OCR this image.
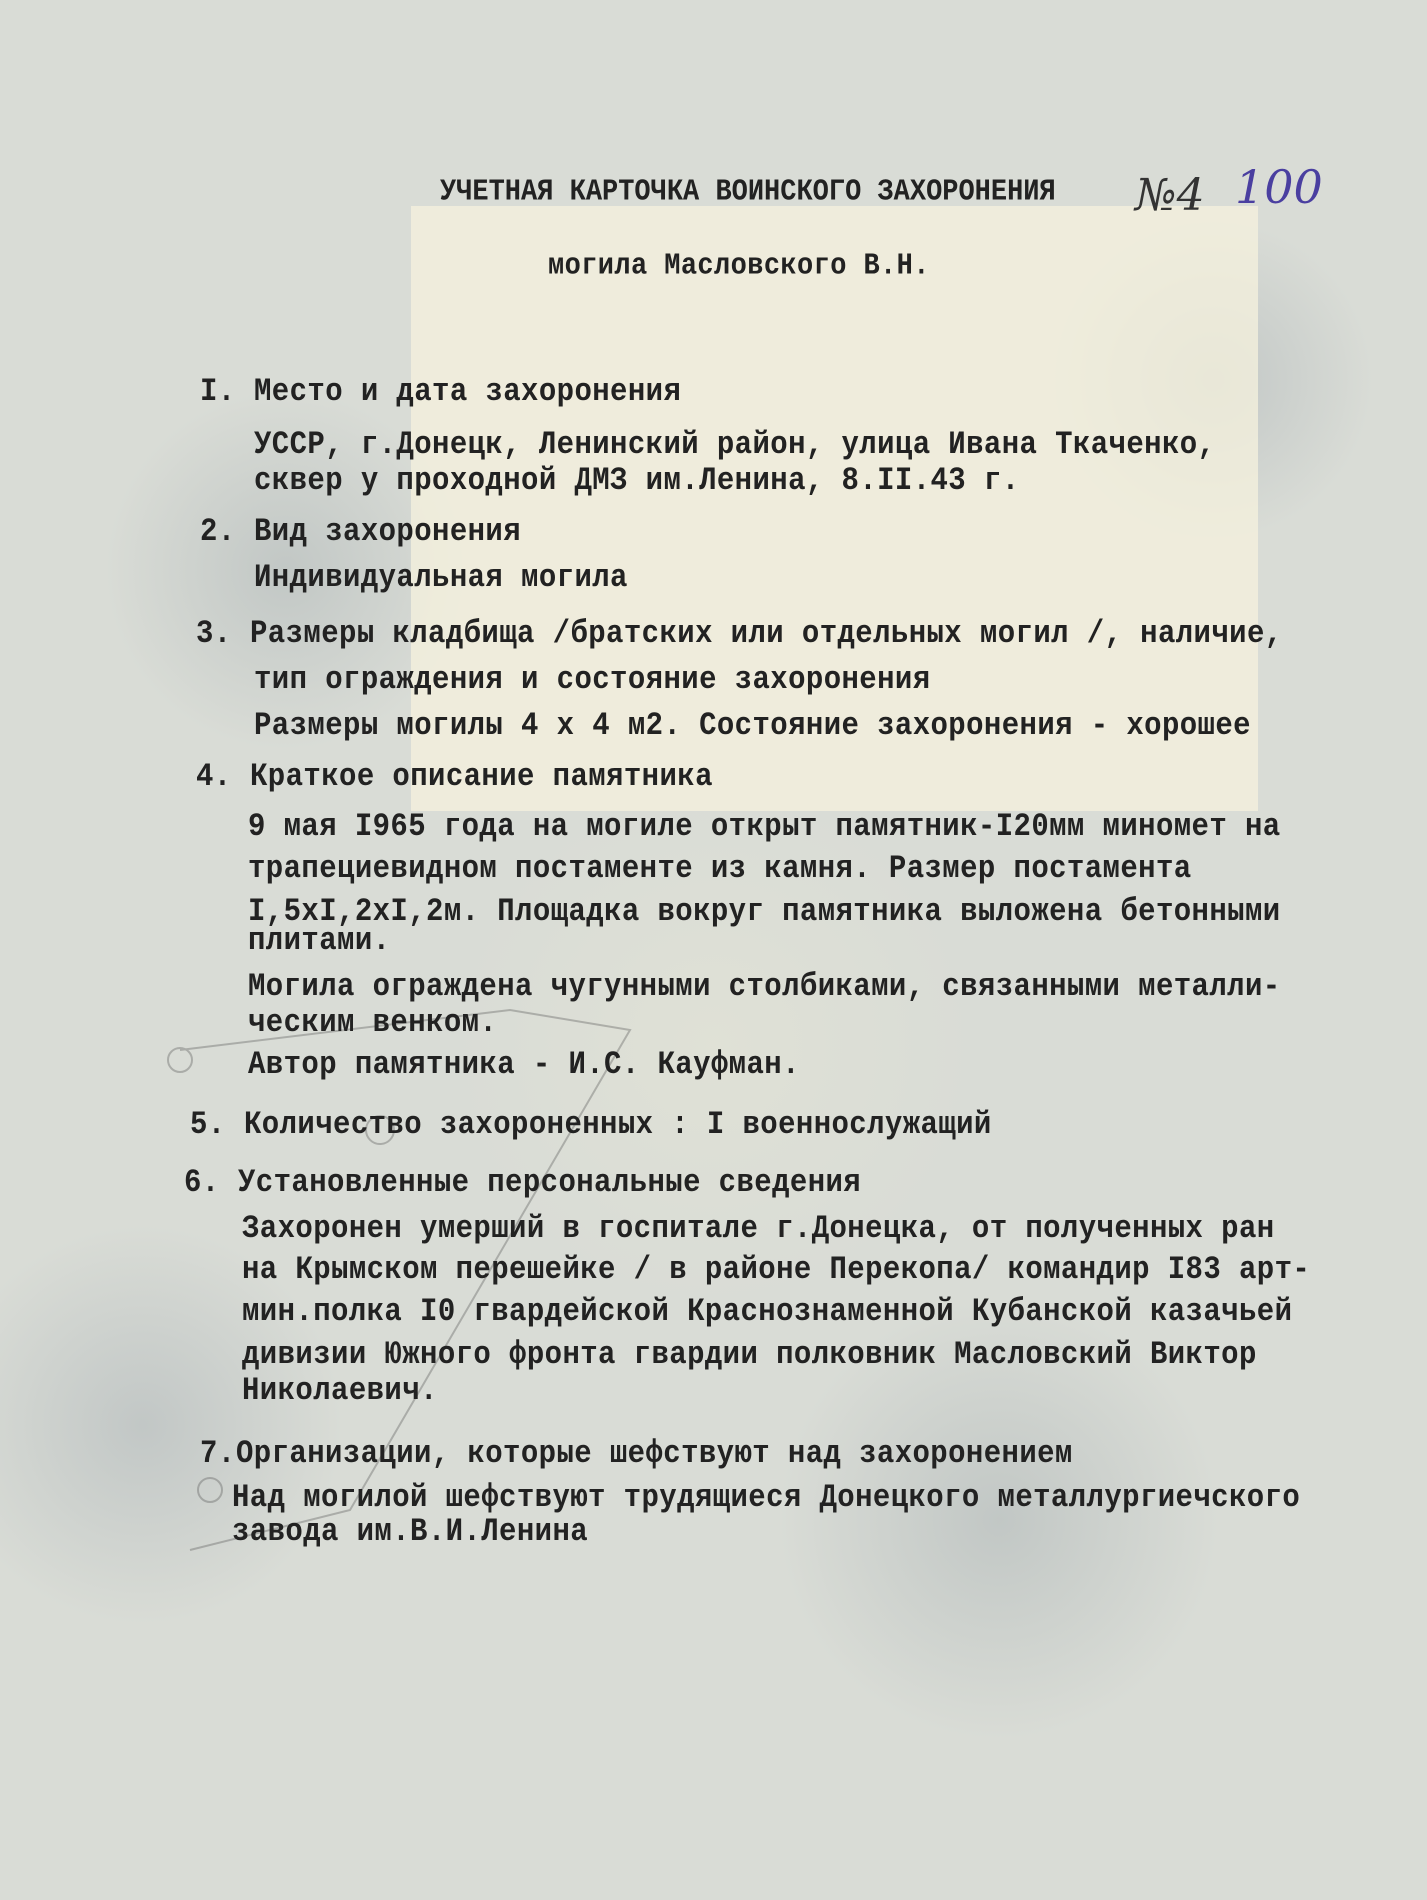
УЧЕТНАЯ КАРТОЧКА ВОИНСКОГО ЗАХОРОНЕНИЯ №4 100
могила Масловского В.Н.
I. Место и дата захоронения
УССР, г.Донецк, Ленинский район, улица Ивана Ткаченко,
сквер у проходной ДМЗ им.Ленина, 8.II.43 г.
2. Вид захоронения
Индивидуальная могила
3. Размеры кладбища /братских или отдельных могил /, наличие,
тип ограждения и состояние захоронения
Размеры могилы 4 x 4 м2. Состояние захоронения - хорошее
4. Краткое описание памятника
9 мая I965 года на могиле открыт памятник-I20мм миномет на
трапециевидном постаменте из камня. Размер постамента
I,5xI,2xI,2м. Площадка вокруг памятника выложена бетонными
плитами.
Могила ограждена чугунными столбиками, связанными металли-
ческим венком.
Автор памятника - И.С. Кауфман.
5. Количество захороненных : I военнослужащий
6. Установленные персональные сведения
Захоронен умерший в госпитале г.Донецка, от полученных ран
на Крымском перешейке / в районе Перекопа/ командир I83 арт-
мин.полка I0 гвардейской Краснознаменной Кубанской казачьей
дивизии Южного фронта гвардии полковник Масловский Виктор
Николаевич.
7. Организации, которые шефствуют над захоронением
Над могилой шефствуют трудящиеся Донецкого металлургиечского
завода им.В.И.Ленина
